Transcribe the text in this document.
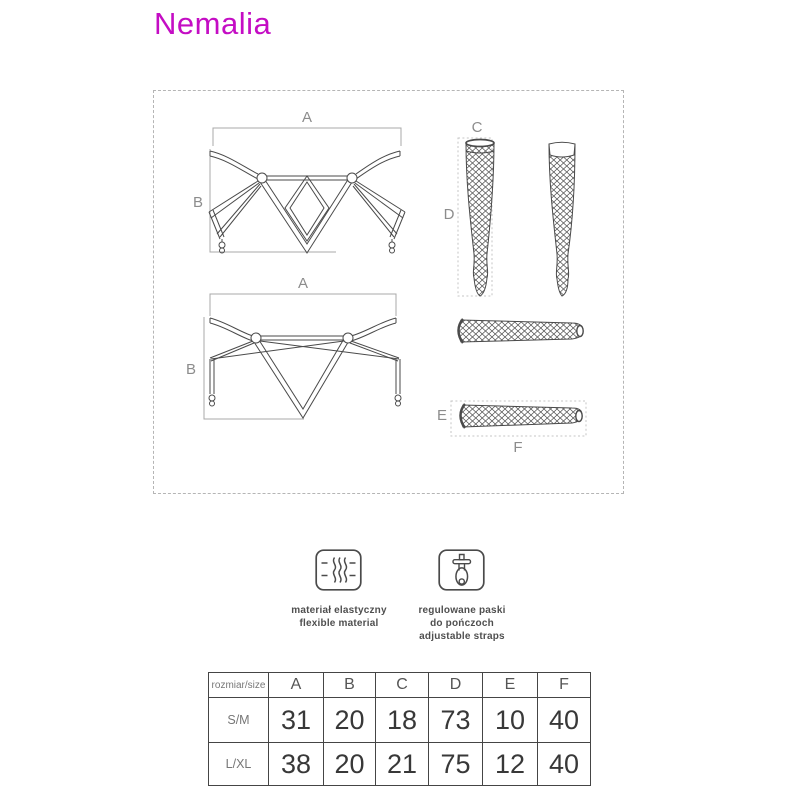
Nemalia
A
B
A
B
C
D
E
F
materiał elastyczny
flexible material
regulowane paski
do pończoch
adjustable straps
rozmiar/size	A	B	C	D	E	F
S/M	31	20	18	73	10	40
L/XL	38	20	21	75	12	40
